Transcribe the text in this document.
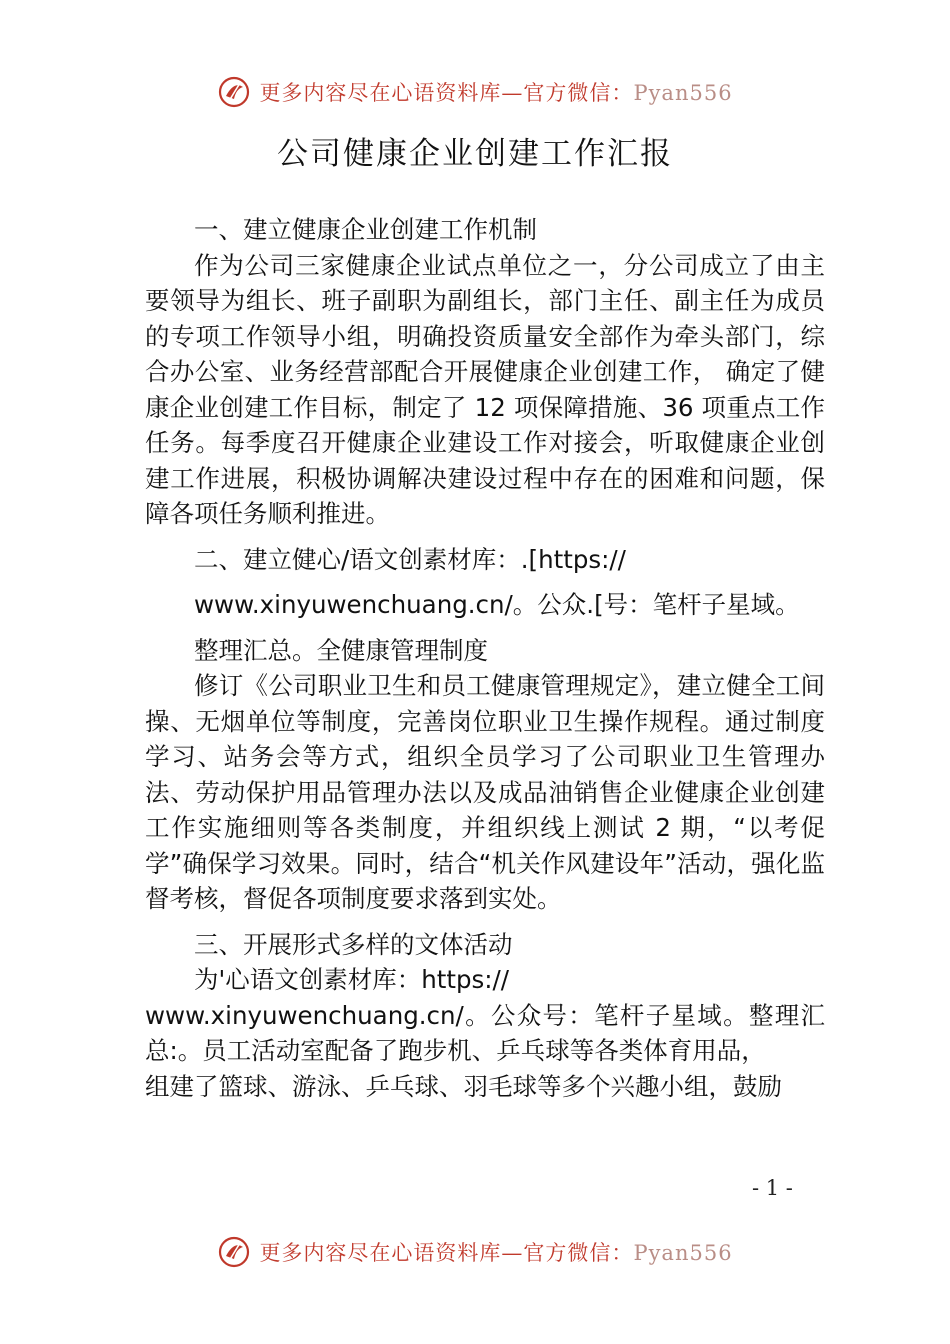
更多内容尽在心语资料库—官方微信：Pyan556
公司健康企业创建工作汇报

一、建立健康企业创建工作机制

作为公司三家健康企业试点单位之一，分公司成立了由主要领导为组长、班子副职为副组长，部门主任、副主任为成员的专项工作领导小组，明确投资质量安全部作为牵头部门，综合办公室、业务经营部配合开展健康企业创建工作， 确定了健康企业创建工作目标，制定了 12 项保障措施、36 项重点工作任务。每季度召开健康企业建设工作对接会，听取健康企业创建工作进展，积极协调解决建设过程中存在的困难和问题，保障各项任务顺利推进。

二、建立健心/语文创素材库：.[https://

www.xinyuwenchuang.cn/。公众.[号：笔杆子星域。

整理汇总。全健康管理制度

修订《公司职业卫生和员工健康管理规定》，建立健全工间操、无烟单位等制度，完善岗位职业卫生操作规程。通过制度学习、站务会等方式，组织全员学习了公司职业卫生管理办法、劳动保护用品管理办法以及成品油销售企业健康企业创建工作实施细则等各类制度，并组织线上测试 2 期，“以考促学”确保学习效果。同时，结合“机关作风建设年”活动，强化监督考核，督促各项制度要求落到实处。

三、开展形式多样的文体活动

为'心语文创素材库：https://

www.xinyuwenchuang.cn/。公众号：笔杆子星域。整理汇总:。员工活动室配备了跑步机、乒乓球等各类体育用品，

组建了篮球、游泳、乒乓球、羽毛球等多个兴趣小组，鼓励

- 1 -
更多内容尽在心语资料库—官方微信：Pyan556
